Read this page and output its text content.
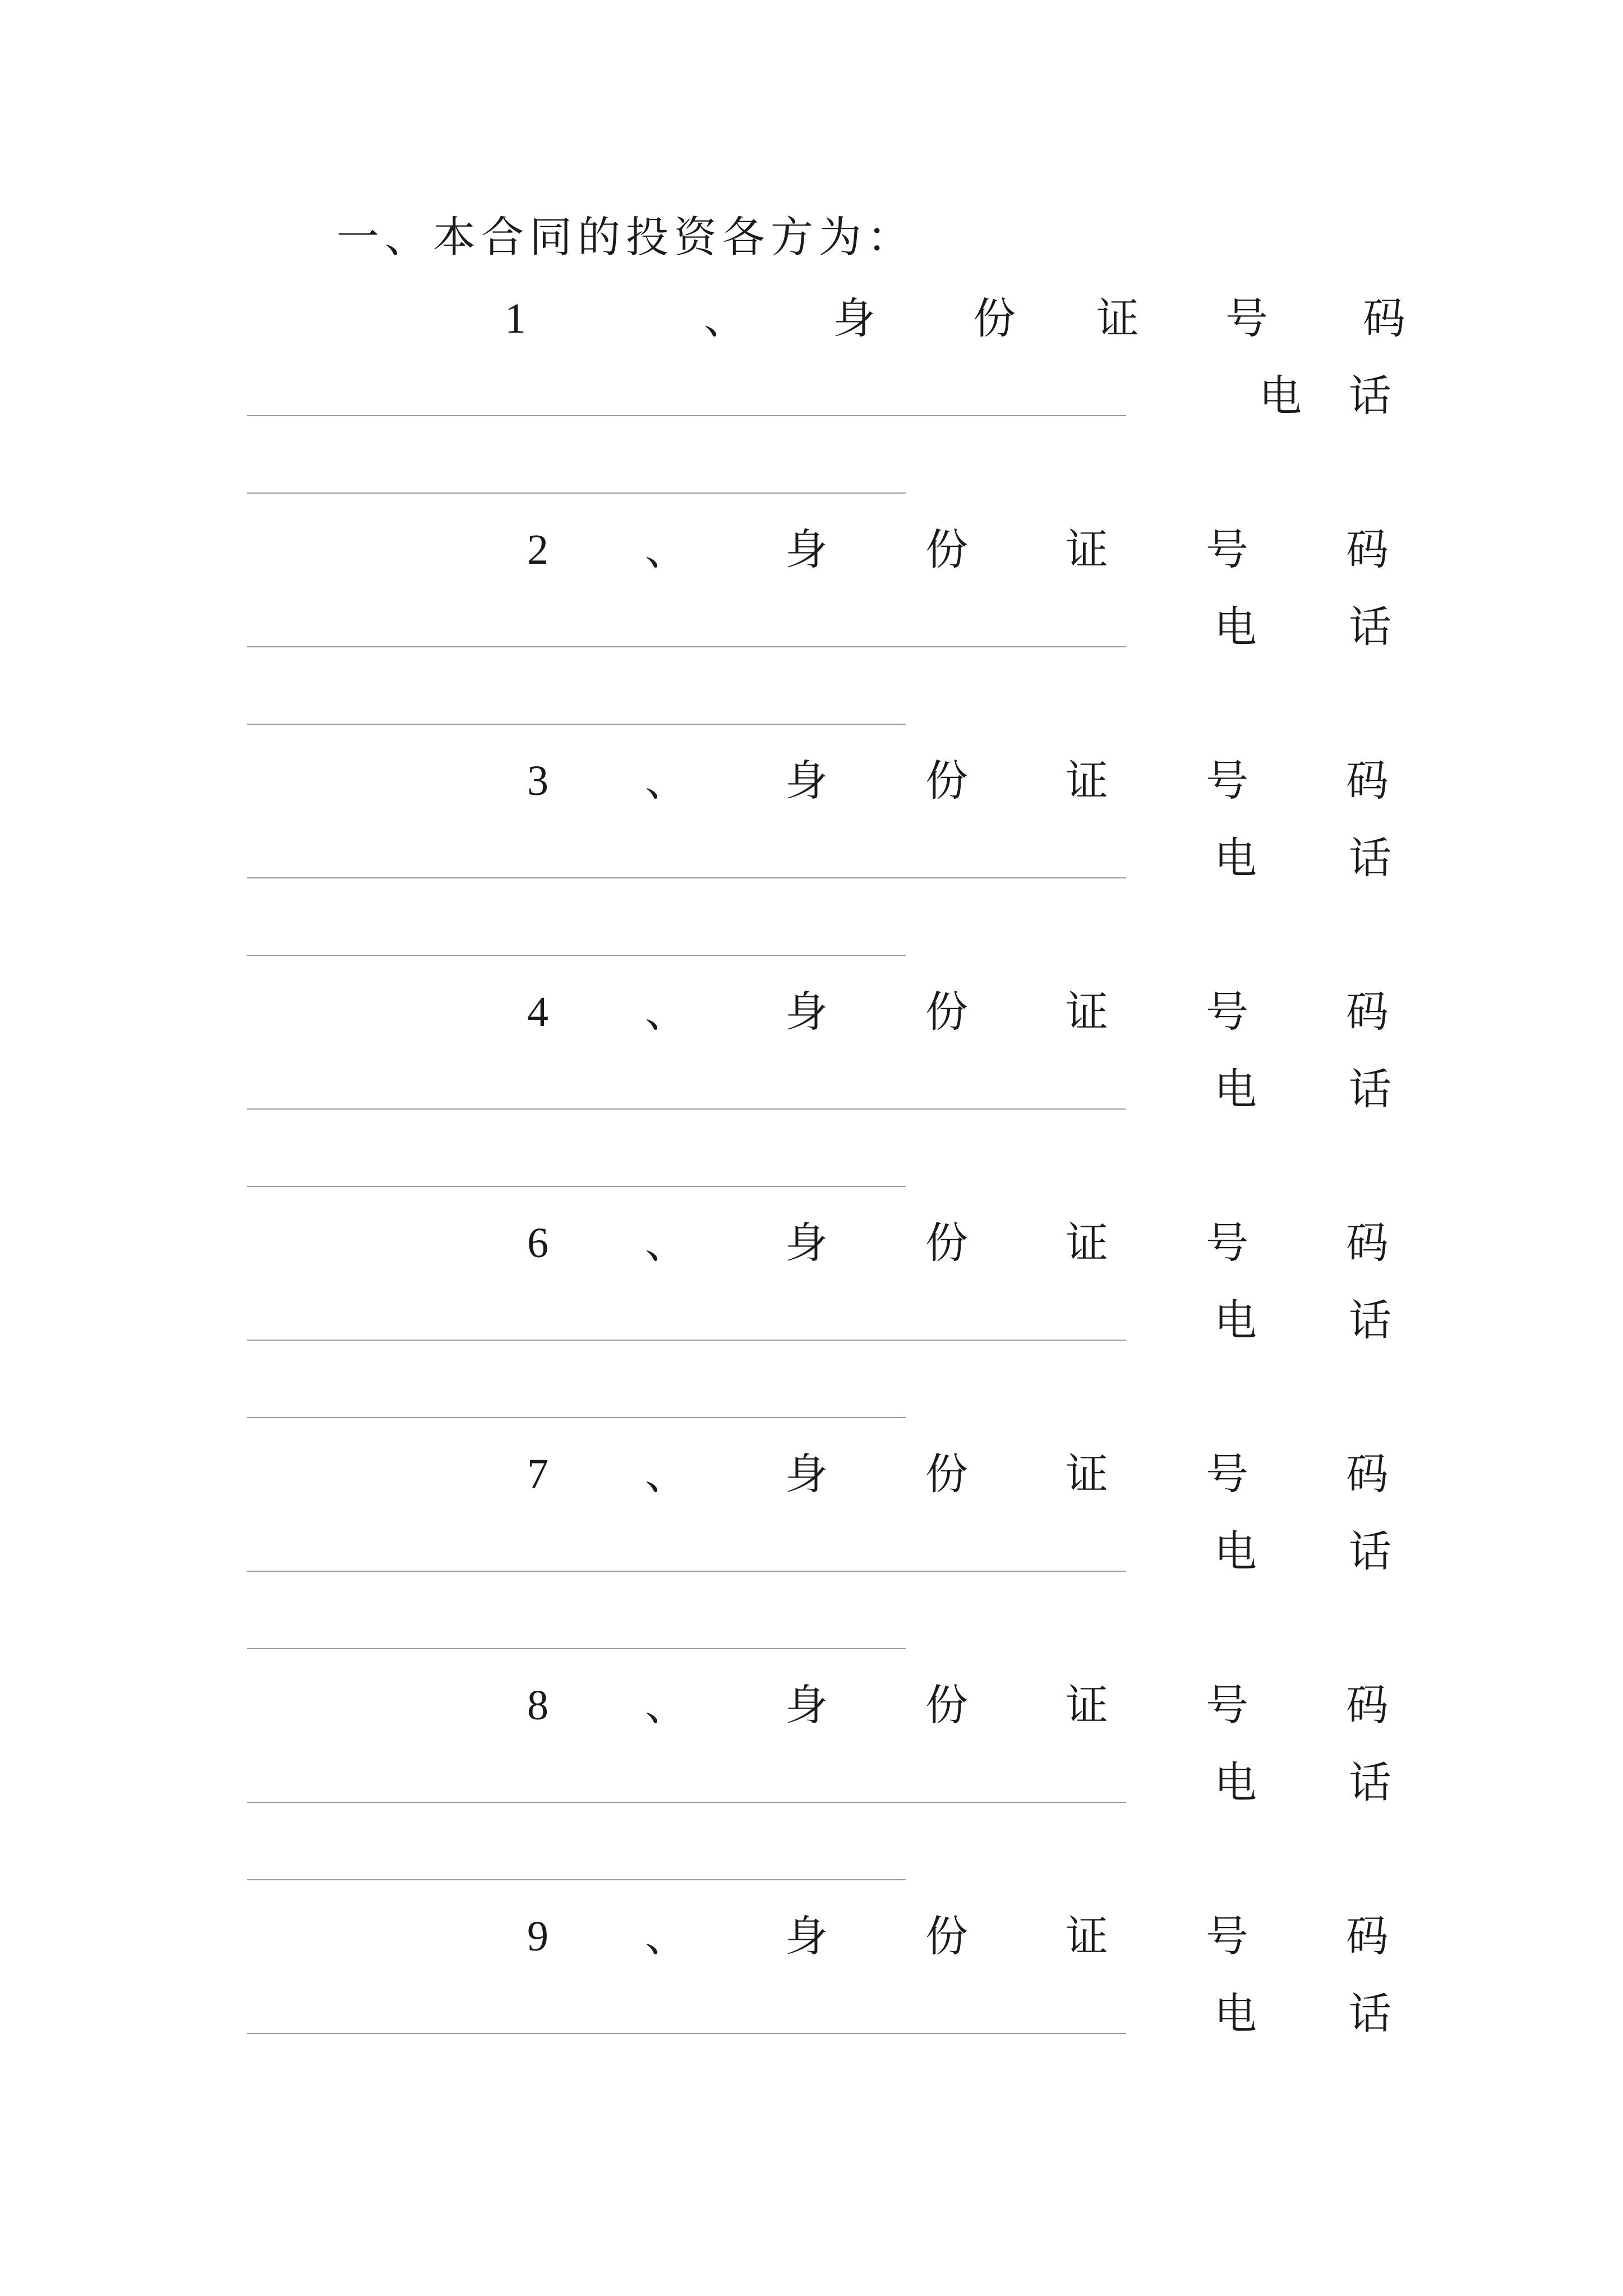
一、本合同的投资各方为：
1	、 身 份 证 号 码
电 话
2 、 身 份 证 号 码
电 话
3 、 身 份 证 号 码
电 话
4 、 身 份 证 号 码
电 话
6 、 身 份 证 号 码
电 话
7 、 身 份 证 号 码
电 话
8 、 身 份 证 号 码
电 话
9 、 身 份 证 号 码
电 话
